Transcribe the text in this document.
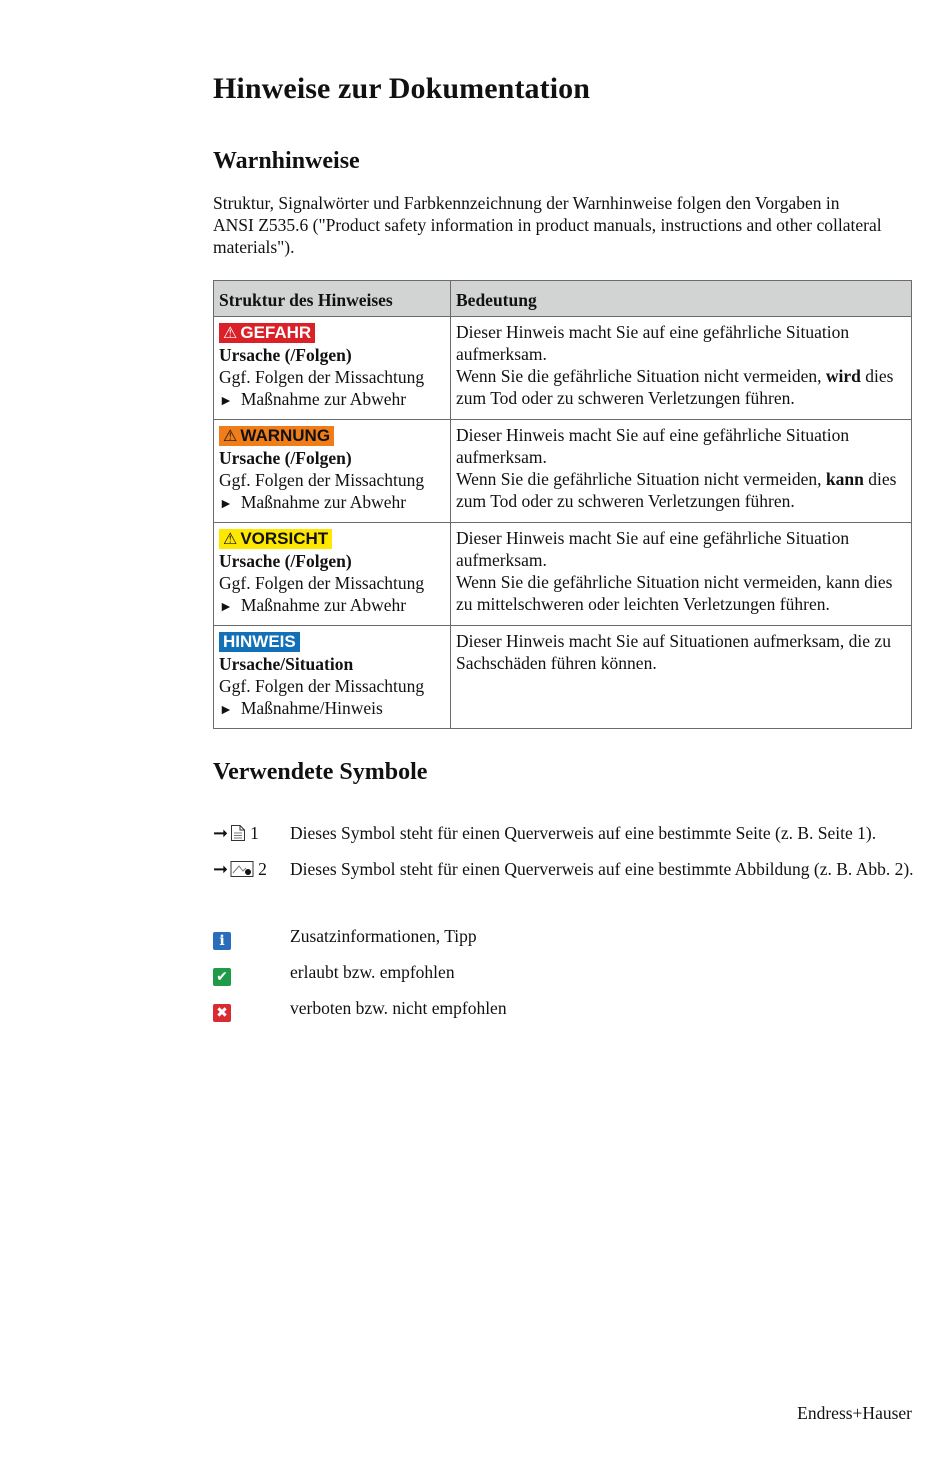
Hinweise zur Dokumentation
Warnhinweise

Struktur, Signalwörter und Farbkennzeichnung der Warnhinweise folgen den Vorgaben in
ANSI Z535.6 ("Product safety information in product manuals, instructions and other collateral
materials").

Struktur des Hinweises	Bedeutung
⚠ GEFAHR
Ursache (/Folgen)
Ggf. Folgen der Missachtung
► Maßnahme zur Abwehr	Dieser Hinweis macht Sie auf eine gefährliche Situation
aufmerksam.
Wenn Sie die gefährliche Situation nicht vermeiden, wird dies
zum Tod oder zu schweren Verletzungen führen.

⚠ WARNUNG
Ursache (/Folgen)
Ggf. Folgen der Missachtung
► Maßnahme zur Abwehr	Dieser Hinweis macht Sie auf eine gefährliche Situation
aufmerksam.
Wenn Sie die gefährliche Situation nicht vermeiden, kann dies
zum Tod oder zu schweren Verletzungen führen.

⚠ VORSICHT
Ursache (/Folgen)
Ggf. Folgen der Missachtung
► Maßnahme zur Abwehr	Dieser Hinweis macht Sie auf eine gefährliche Situation
aufmerksam.
Wenn Sie die gefährliche Situation nicht vermeiden, kann dies
zu mittelschweren oder leichten Verletzungen führen.

HINWEIS
Ursache/Situation
Ggf. Folgen der Missachtung
► Maßnahme/Hinweis	Dieser Hinweis macht Sie auf Situationen aufmerksam, die zu
Sachschäden führen können.
Verwendete Symbole
➞ 1 Dieses Symbol steht für einen Querverweis auf eine bestimmte Seite (z. B. Seite 1).
➞ 2 Dieses Symbol steht für einen Querverweis auf eine bestimmte Abbildung (z. B. Abb. 2).
i	Zusatzinformationen, Tipp
✔	erlaubt bzw. empfohlen
✖	verboten bzw. nicht empfohlen
Endress+Hauser
